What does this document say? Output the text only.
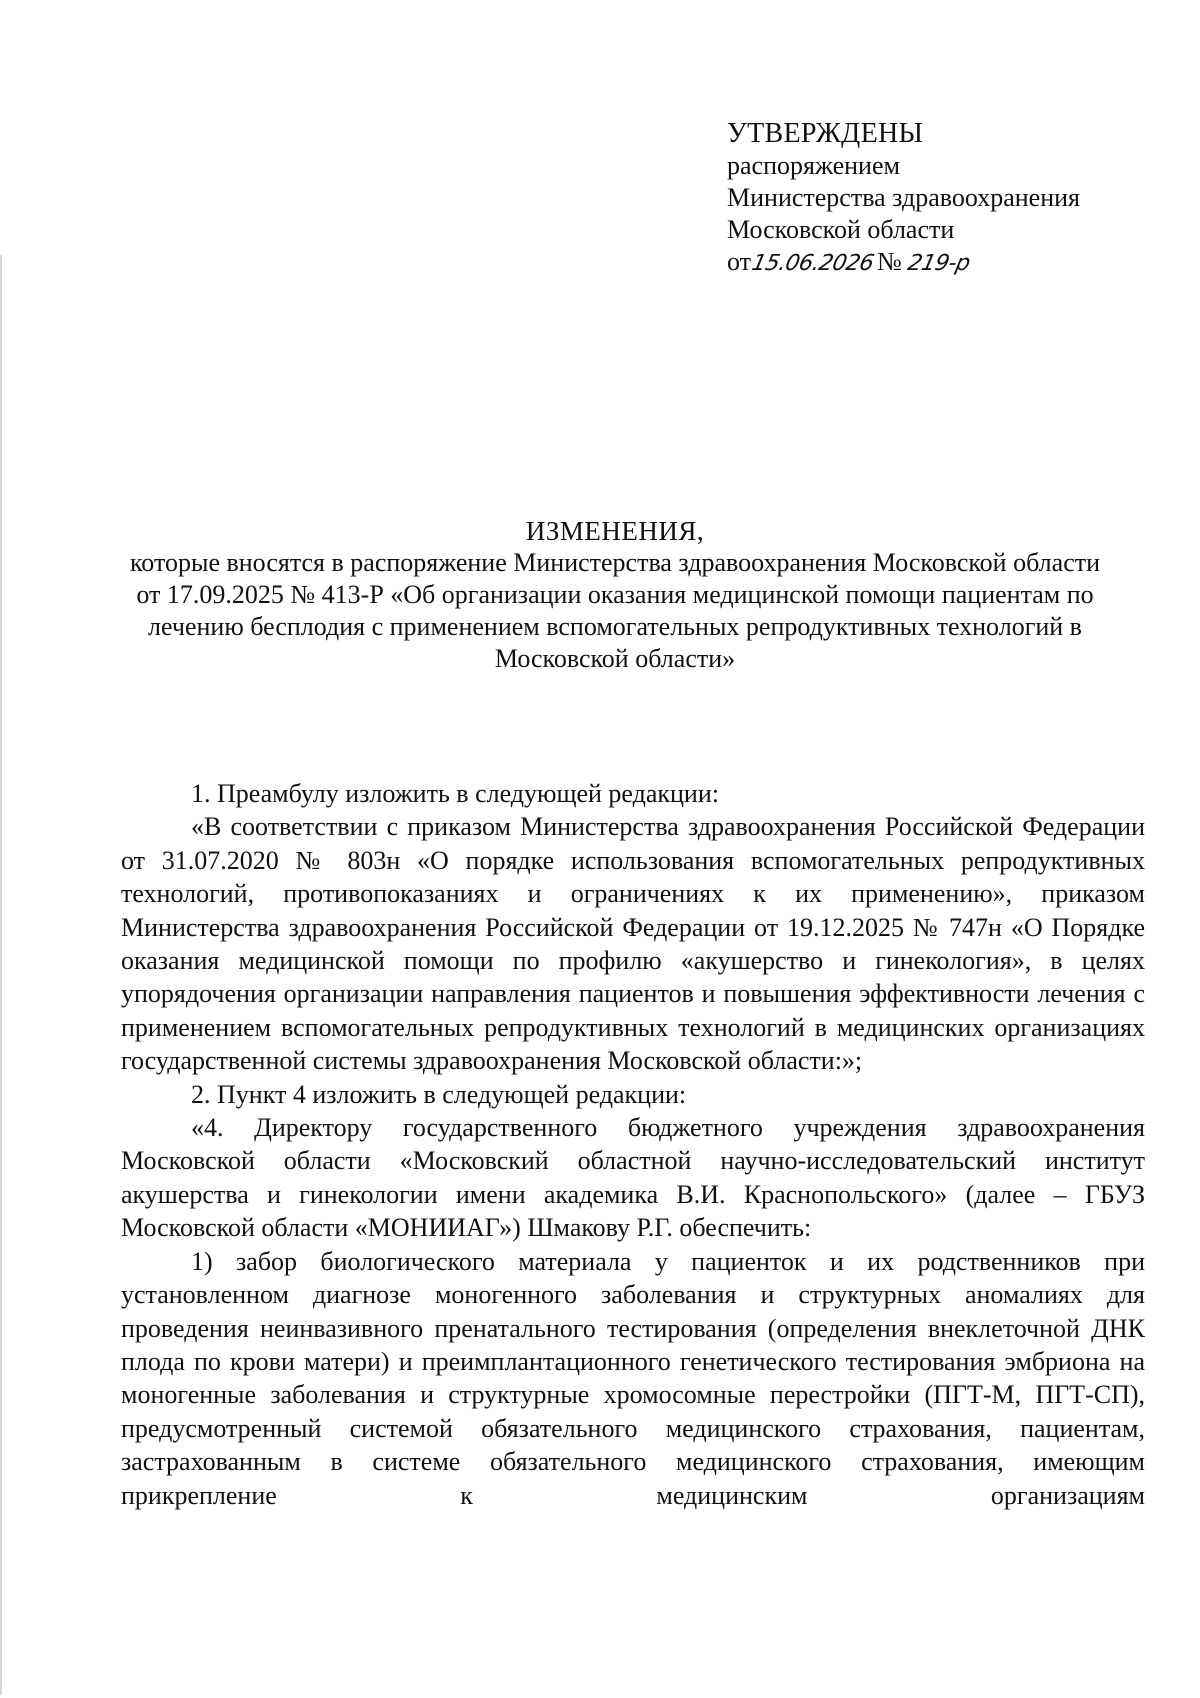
УТВЕРЖДЕНЫ
распоряжением
Министерства здравоохранения
Московской области
от
15.06.2026 № 219-р
ИЗМЕНЕНИЯ,
которые вносятся в распоряжение Министерства здравоохранения Московской области от 17.09.2025 № 413-Р «Об организации оказания медицинской помощи пациентам по лечению бесплодия с применением вспомогательных репродуктивных технологий в Московской области»

1. Преамбулу изложить в следующей редакции:

«В соответствии с приказом Министерства здравоохранения Российской Федерации от 31.07.2020 № 803н «О порядке использования вспомогательных репродуктивных технологий, противопоказаниях и ограничениях к их применению», приказом Министерства здравоохранения Российской Федерации от 19.12.2025 № 747н «О Порядке оказания медицинской помощи по профилю «акушерство и гинекология», в целях упорядочения организации направления пациентов и повышения эффективности лечения с применением вспомогательных репродуктивных технологий в медицинских организациях государственной системы здравоохранения Московской области:»;

2. Пункт 4 изложить в следующей редакции:

«4. Директору государственного бюджетного учреждения здравоохранения Московской области «Московский областной научно-исследовательский институт акушерства и гинекологии имени академика В.И. Краснопольского» (далее – ГБУЗ Московской области «МОНИИАГ») Шмакову Р.Г. обеспечить:

1) забор биологического материала у пациенток и их родственников при установленном диагнозе моногенного заболевания и структурных аномалиях для проведения неинвазивного пренатального тестирования (определения внеклеточной ДНК плода по крови матери) и преимплантационного генетического тестирования эмбриона на моногенные заболевания и структурные хромосомные перестройки (ПГТ-М, ПГТ-СП), предусмотренный системой обязательного медицинского страхования, пациентам, застрахованным в системе обязательного медицинского страхования, имеющим прикрепление к медицинским организациям
